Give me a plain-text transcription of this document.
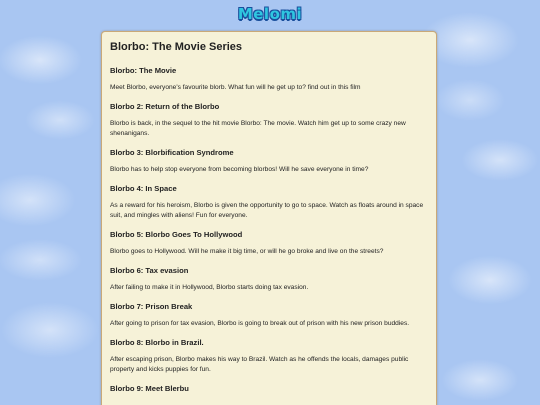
Melomi
Blorbo: The Movie Series
Blorbo: The Movie
Meet Blorbo, everyone's favourite blorb. What fun will he get up to? find out in this film
Blorbo 2: Return of the Blorbo
Blorbo is back, in the sequel to the hit movie Blorbo: The movie. Watch him get up to some crazy new shenanigans.
Blorbo 3: Blorbification Syndrome
Blorbo has to help stop everyone from becoming blorbos! Will he save everyone in time?
Blorbo 4: In Space
As a reward for his heroism, Blorbo is given the opportunity to go to space. Watch as floats around in space suit, and mingles with aliens! Fun for everyone.
Blorbo 5: Blorbo Goes To Hollywood
Blorbo goes to Hollywood. Will he make it big time, or will he go broke and live on the streets?
Blorbo 6: Tax evasion
After failing to make it in Hollywood, Blorbo starts doing tax evasion.
Blorbo 7: Prison Break
After going to prison for tax evasion, Blorbo is going to break out of prison with his new prison buddies.
Blorbo 8: Blorbo in Brazil.
After escaping prison, Blorbo makes his way to Brazil. Watch as he offends the locals, damages public property and kicks puppies for fun.
Blorbo 9: Meet Blerbu
